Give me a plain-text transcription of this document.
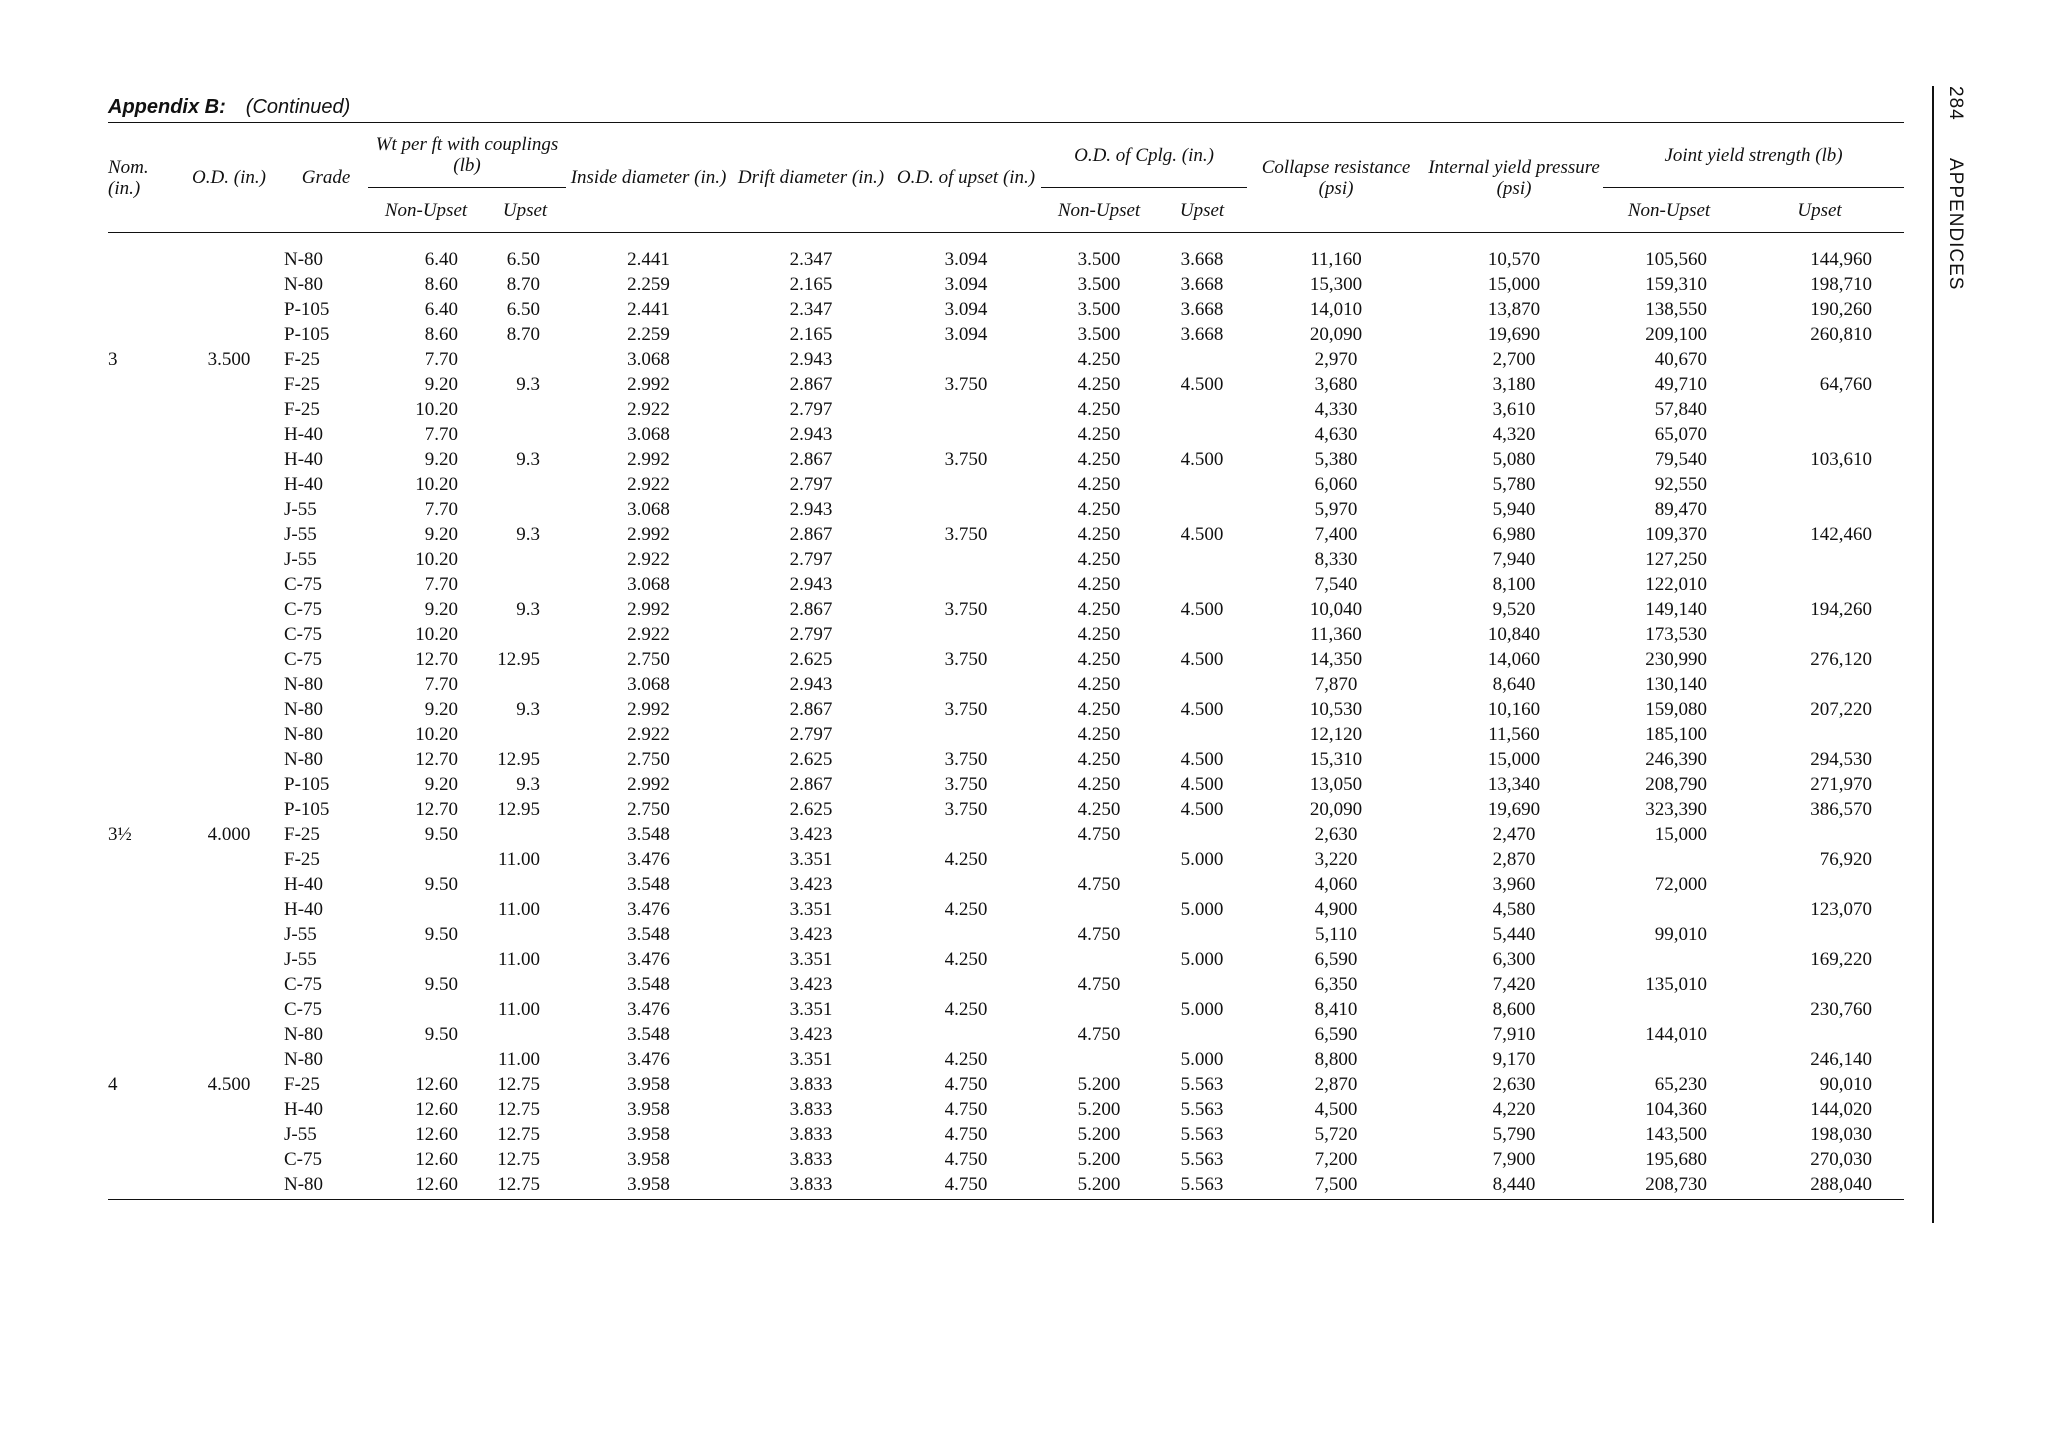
Appendix B: (Continued)	284
APPENDICES
Nom. (in.)	O.D. (in.)	Grade	Wt per ft with couplings (lb)		Inside diameter (in.)	Drift diameter (in.)	O.D. of upset (in.)	O.D. of Cplg. (in.)		Collapse resistance (psi)	Internal yield pressure (psi)	Joint yield strength (lb)	
			Non-Upset	Upset				Non-Upset	Upset			Non-Upset	Upset

		N-80	6.40	6.50	2.441	2.347	3.094	3.500	3.668	11,160	10,570	105,560	144,960
		N-80	8.60	8.70	2.259	2.165	3.094	3.500	3.668	15,300	15,000	159,310	198,710
		P-105	6.40	6.50	2.441	2.347	3.094	3.500	3.668	14,010	13,870	138,550	190,260
		P-105	8.60	8.70	2.259	2.165	3.094	3.500	3.668	20,090	19,690	209,100	260,810
3	3.500	F-25	7.70		3.068	2.943		4.250		2,970	2,700	40,670	
		F-25	9.20	9.3	2.992	2.867	3.750	4.250	4.500	3,680	3,180	49,710	64,760
		F-25	10.20		2.922	2.797		4.250		4,330	3,610	57,840	
		H-40	7.70		3.068	2.943		4.250		4,630	4,320	65,070	
		H-40	9.20	9.3	2.992	2.867	3.750	4.250	4.500	5,380	5,080	79,540	103,610
		H-40	10.20		2.922	2.797		4.250		6,060	5,780	92,550	
		J-55	7.70		3.068	2.943		4.250		5,970	5,940	89,470	
		J-55	9.20	9.3	2.992	2.867	3.750	4.250	4.500	7,400	6,980	109,370	142,460
		J-55	10.20		2.922	2.797		4.250		8,330	7,940	127,250	
		C-75	7.70		3.068	2.943		4.250		7,540	8,100	122,010	
		C-75	9.20	9.3	2.992	2.867	3.750	4.250	4.500	10,040	9,520	149,140	194,260
		C-75	10.20		2.922	2.797		4.250		11,360	10,840	173,530	
		C-75	12.70	12.95	2.750	2.625	3.750	4.250	4.500	14,350	14,060	230,990	276,120
		N-80	7.70		3.068	2.943		4.250		7,870	8,640	130,140	
		N-80	9.20	9.3	2.992	2.867	3.750	4.250	4.500	10,530	10,160	159,080	207,220
		N-80	10.20		2.922	2.797		4.250		12,120	11,560	185,100	
		N-80	12.70	12.95	2.750	2.625	3.750	4.250	4.500	15,310	15,000	246,390	294,530
		P-105	9.20	9.3	2.992	2.867	3.750	4.250	4.500	13,050	13,340	208,790	271,970
		P-105	12.70	12.95	2.750	2.625	3.750	4.250	4.500	20,090	19,690	323,390	386,570
3½	4.000	F-25	9.50		3.548	3.423		4.750		2,630	2,470	15,000	
		F-25		11.00	3.476	3.351	4.250		5.000	3,220	2,870		76,920
		H-40	9.50		3.548	3.423		4.750		4,060	3,960	72,000	
		H-40		11.00	3.476	3.351	4.250		5.000	4,900	4,580		123,070
		J-55	9.50		3.548	3.423		4.750		5,110	5,440	99,010	
		J-55		11.00	3.476	3.351	4.250		5.000	6,590	6,300		169,220
		C-75	9.50		3.548	3.423		4.750		6,350	7,420	135,010	
		C-75		11.00	3.476	3.351	4.250		5.000	8,410	8,600		230,760
		N-80	9.50		3.548	3.423		4.750		6,590	7,910	144,010	
		N-80		11.00	3.476	3.351	4.250		5.000	8,800	9,170		246,140
4	4.500	F-25	12.60	12.75	3.958	3.833	4.750	5.200	5.563	2,870	2,630	65,230	90,010
		H-40	12.60	12.75	3.958	3.833	4.750	5.200	5.563	4,500	4,220	104,360	144,020
		J-55	12.60	12.75	3.958	3.833	4.750	5.200	5.563	5,720	5,790	143,500	198,030
		C-75	12.60	12.75	3.958	3.833	4.750	5.200	5.563	7,200	7,900	195,680	270,030
		N-80	12.60	12.75	3.958	3.833	4.750	5.200	5.563	7,500	8,440	208,730	288,040
